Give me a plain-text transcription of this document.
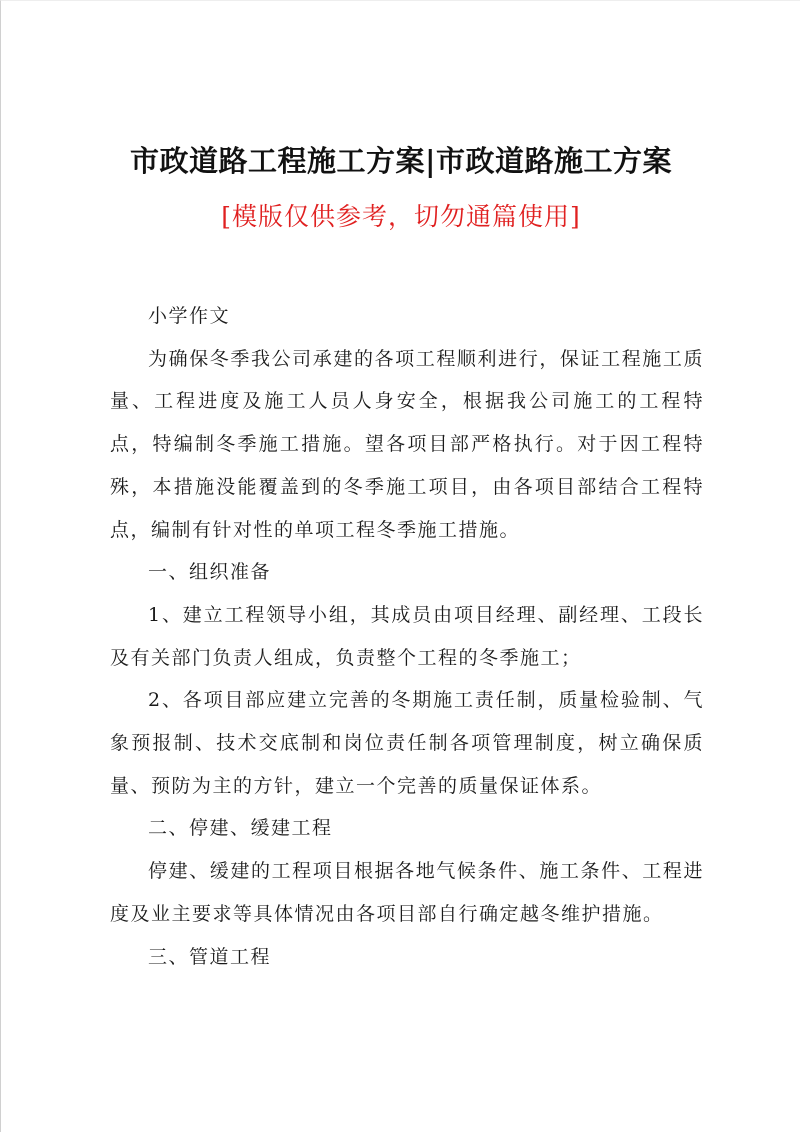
市政道路工程施工方案|市政道路施工方案
[模版仅供参考，切勿通篇使用]

小学作文

为确保冬季我公司承建的各项工程顺利进行，保证工程施工质量、工程进度及施工人员人身安全，根据我公司施工的工程特点，特编制冬季施工措施。望各项目部严格执行。对于因工程特殊，本措施没能覆盖到的冬季施工项目，由各项目部结合工程特点，编制有针对性的单项工程冬季施工措施。

一、组织准备

1、建立工程领导小组，其成员由项目经理、副经理、工段长及有关部门负责人组成，负责整个工程的冬季施工；

2、各项目部应建立完善的冬期施工责任制，质量检验制、气象预报制、技术交底制和岗位责任制各项管理制度，树立确保质量、预防为主的方针，建立一个完善的质量保证体系。

二、停建、缓建工程

停建、缓建的工程项目根据各地气候条件、施工条件、工程进度及业主要求等具体情况由各项目部自行确定越冬维护措施。

三、管道工程
